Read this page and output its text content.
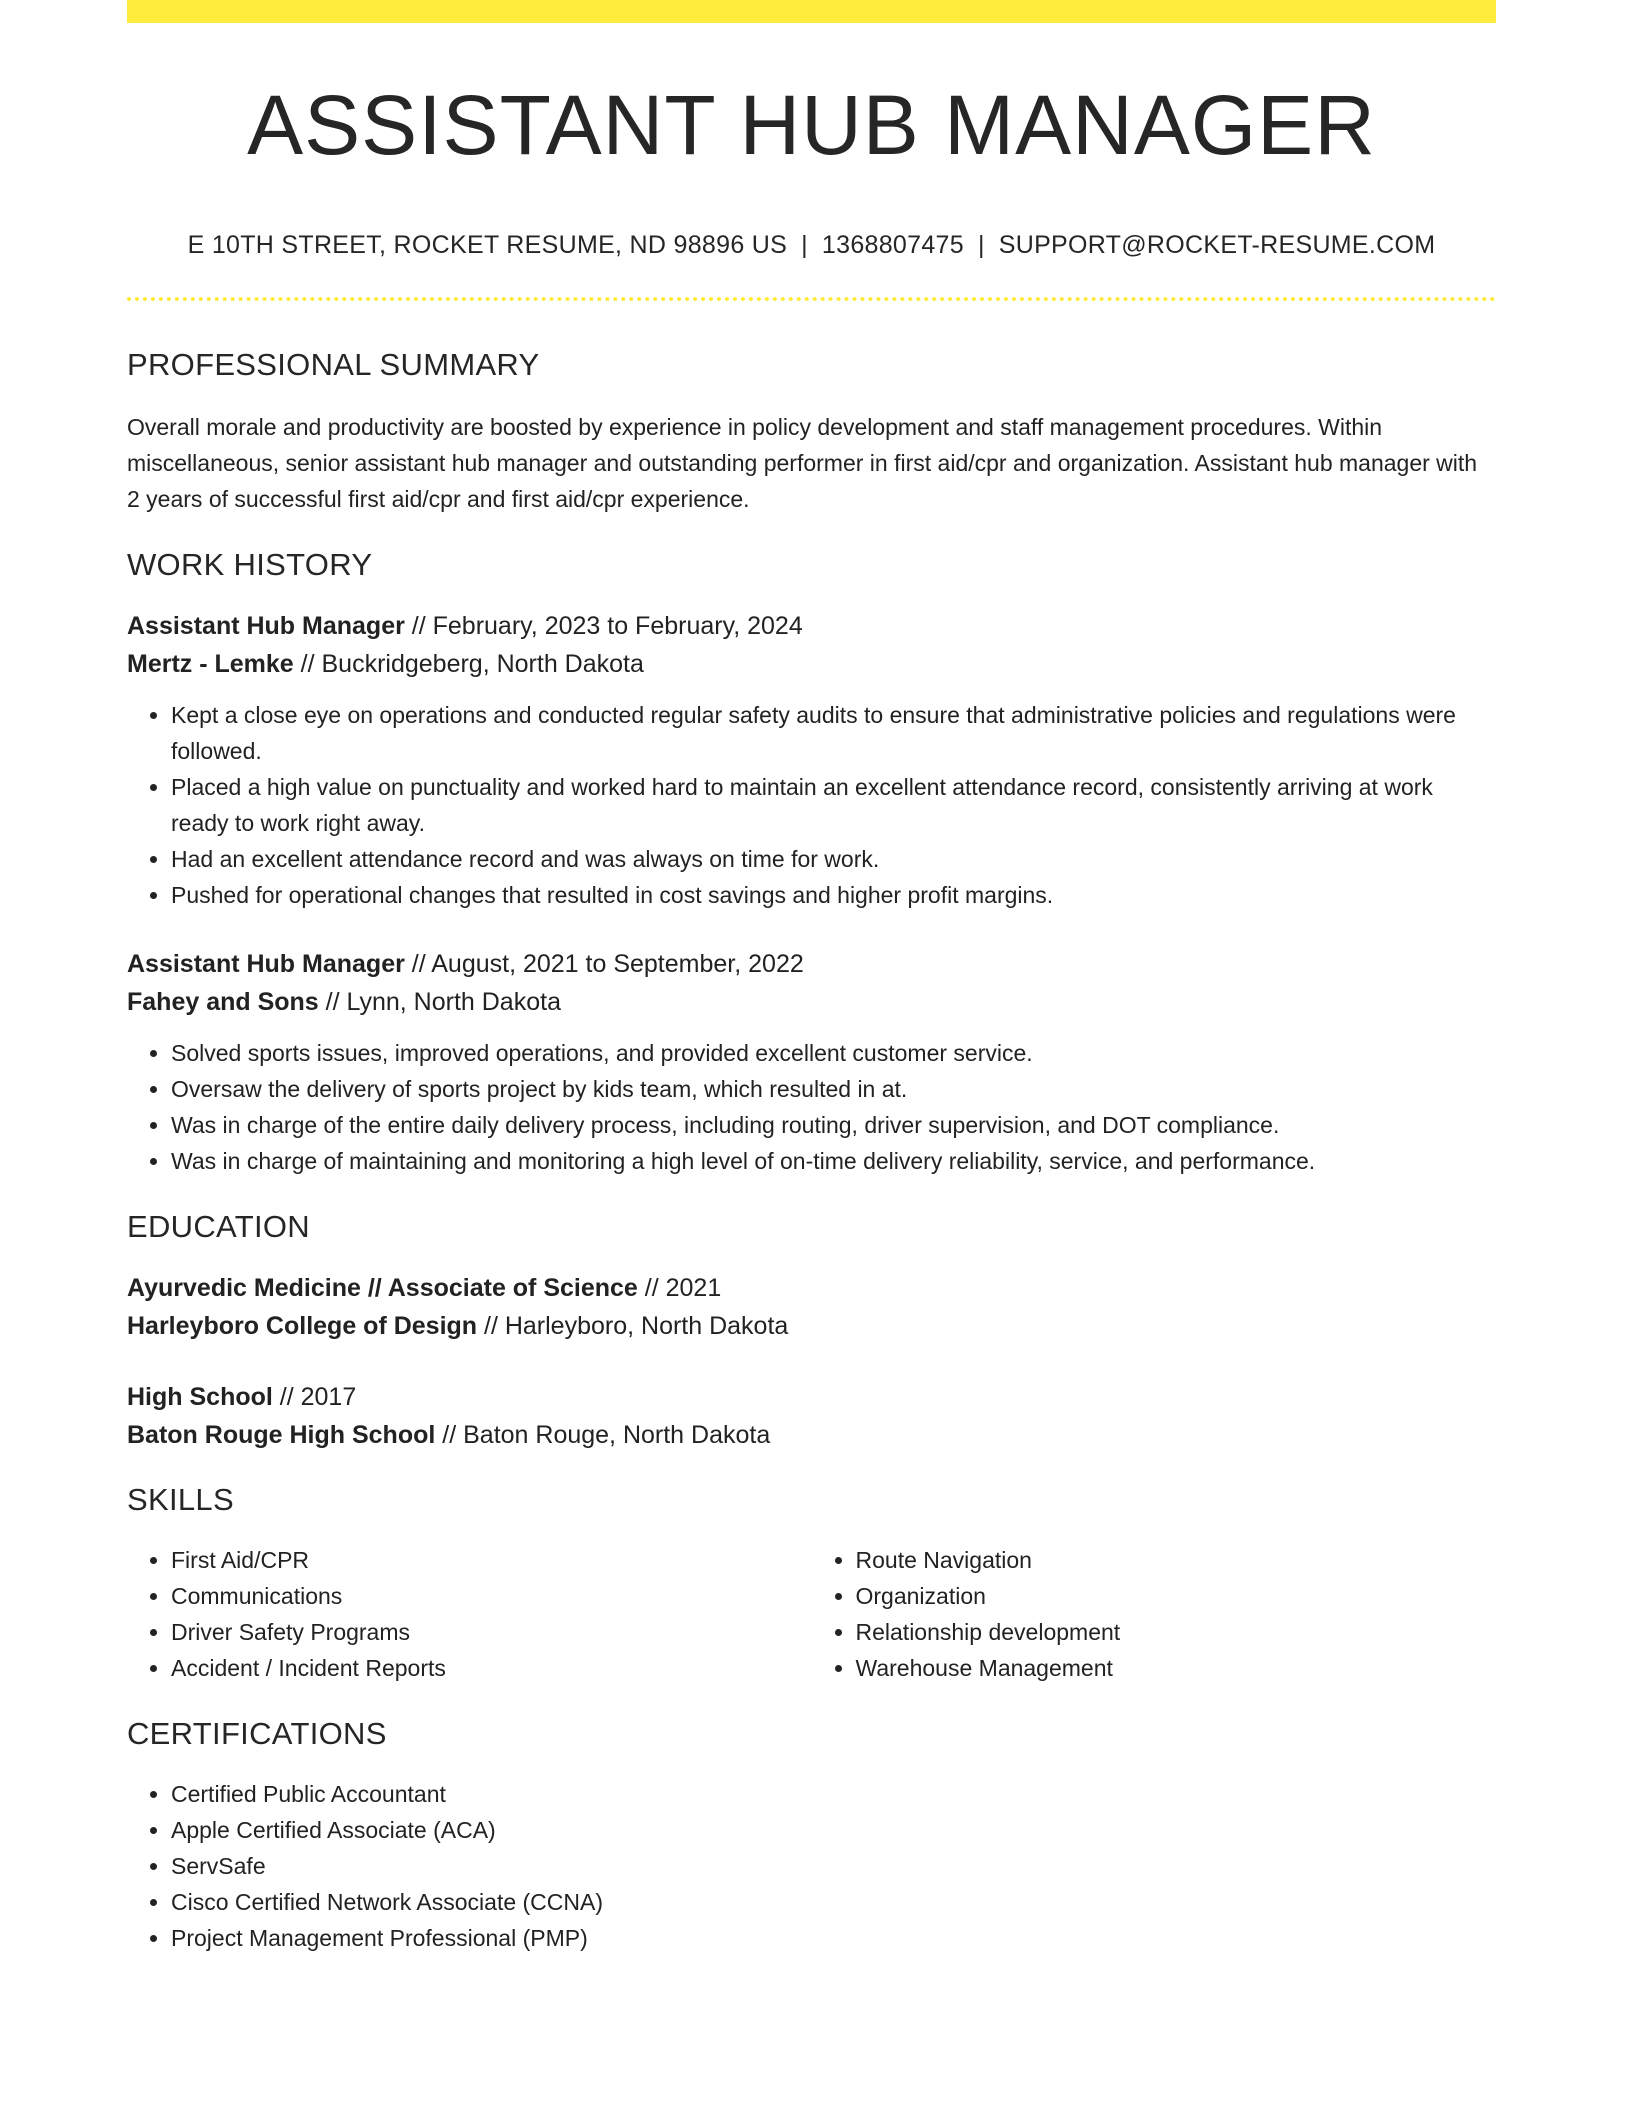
ASSISTANT HUB MANAGER
E 10TH STREET, ROCKET RESUME, ND 98896 US | 1368807475 | SUPPORT@ROCKET-RESUME.COM
PROFESSIONAL SUMMARY
Overall morale and productivity are boosted by experience in policy development and staff management procedures. Within miscellaneous, senior assistant hub manager and outstanding performer in first aid/cpr and organization. Assistant hub manager with 2 years of successful first aid/cpr and first aid/cpr experience.
WORK HISTORY
Assistant Hub Manager // February, 2023 to February, 2024
Mertz - Lemke // Buckridgeberg, North Dakota
• Kept a close eye on operations and conducted regular safety audits to ensure that administrative policies and regulations were followed.
• Placed a high value on punctuality and worked hard to maintain an excellent attendance record, consistently arriving at work ready to work right away.
• Had an excellent attendance record and was always on time for work.
• Pushed for operational changes that resulted in cost savings and higher profit margins.
Assistant Hub Manager // August, 2021 to September, 2022
Fahey and Sons // Lynn, North Dakota
• Solved sports issues, improved operations, and provided excellent customer service.
• Oversaw the delivery of sports project by kids team, which resulted in at.
• Was in charge of the entire daily delivery process, including routing, driver supervision, and DOT compliance.
• Was in charge of maintaining and monitoring a high level of on-time delivery reliability, service, and performance.
EDUCATION
Ayurvedic Medicine // Associate of Science // 2021
Harleyboro College of Design // Harleyboro, North Dakota
High School // 2017
Baton Rouge High School // Baton Rouge, North Dakota
SKILLS
• First Aid/CPR
• Communications
• Driver Safety Programs
• Accident / Incident Reports
• Route Navigation
• Organization
• Relationship development
• Warehouse Management
CERTIFICATIONS
• Certified Public Accountant
• Apple Certified Associate (ACA)
• ServSafe
• Cisco Certified Network Associate (CCNA)
• Project Management Professional (PMP)
